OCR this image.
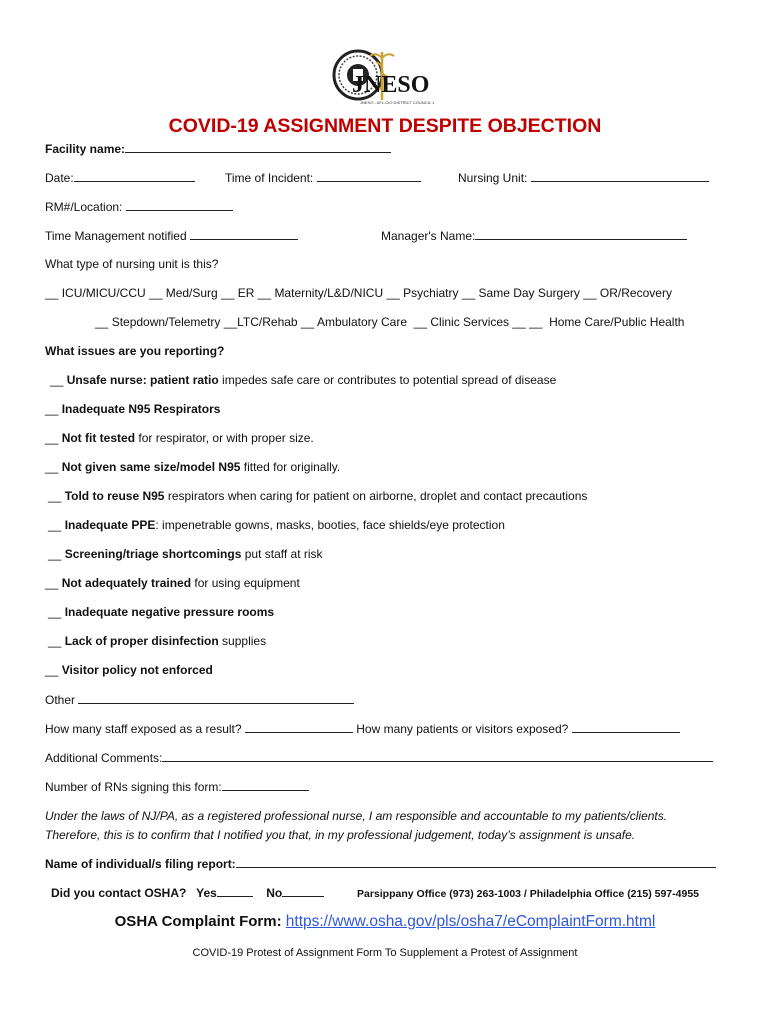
JNESO
JNESO - AFL-CIO DISTRICT COUNCIL 1
COVID-19 ASSIGNMENT DESPITE OBJECTION
Facility name:
Date:	Time of Incident:	Nursing Unit:
RM#/Location:
Time Management notified	Manager's Name:
What type of nursing unit is this?
__ ICU/MICU/CCU __ Med/Surg __ ER __ Maternity/L&D/NICU __ Psychiatry __ Same Day Surgery __ OR/Recovery
__ Stepdown/Telemetry __LTC/Rehab __ Ambulatory Care  __ Clinic Services __ __  Home Care/Public Health
What issues are you reporting?
__ Unsafe nurse: patient ratio impedes safe care or contributes to potential spread of disease
__ Inadequate N95 Respirators
__ Not fit tested for respirator, or with proper size.
__ Not given same size/model N95 fitted for originally.
__ Told to reuse N95 respirators when caring for patient on airborne, droplet and contact precautions
__ Inadequate PPE: impenetrable gowns, masks, booties, face shields/eye protection
__ Screening/triage shortcomings put staff at risk
__ Not adequately trained for using equipment
__ Inadequate negative pressure rooms
__ Lack of proper disinfection supplies
__ Visitor policy not enforced
Other
How many staff exposed as a result?	How many patients or visitors exposed?
Additional Comments:
Number of RNs signing this form:
Under the laws of NJ/PA, as a registered professional nurse, I am responsible and accountable to my patients/clients.
Therefore, this is to confirm that I notified you that, in my professional judgement, today’s assignment is unsafe.
Name of individual/s filing report:
Did you contact OSHA? Yes	No	Parsippany Office (973) 263-1003 / Philadelphia Office (215) 597-4955
OSHA Complaint Form: https://www.osha.gov/pls/osha7/eComplaintForm.html
COVID-19 Protest of Assignment Form To Supplement a Protest of Assignment
